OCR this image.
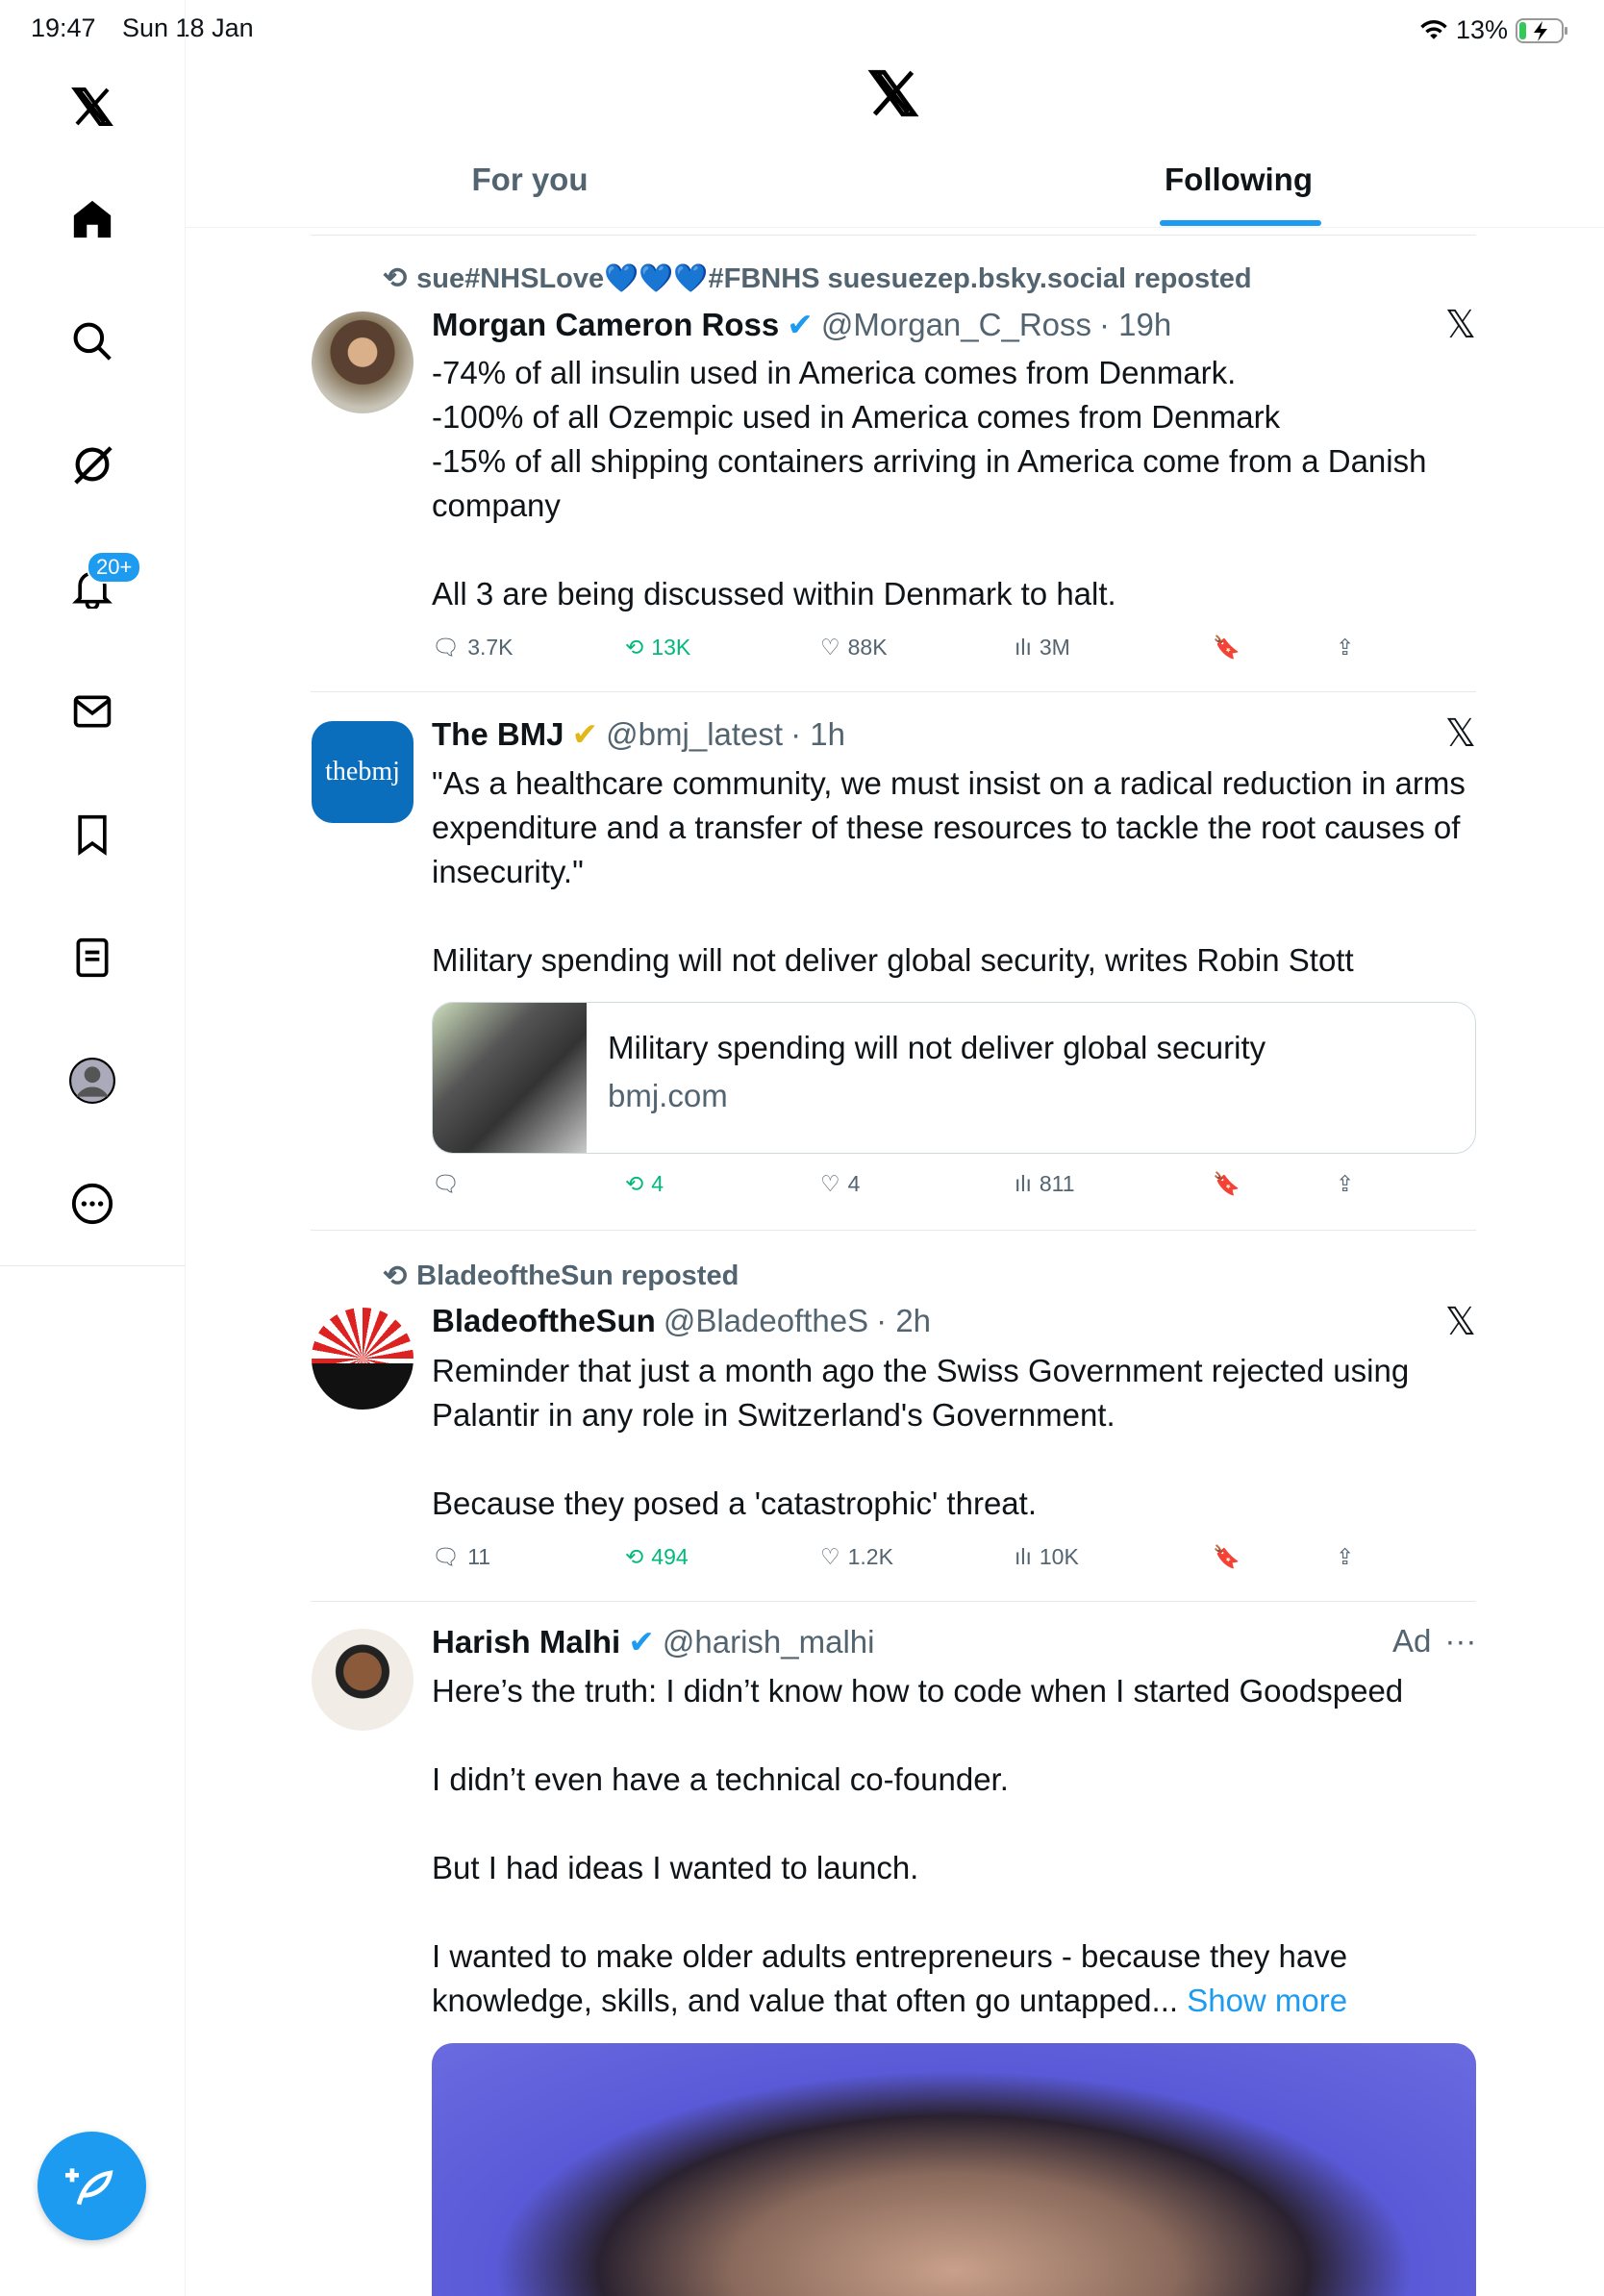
19:47 Sun 18 Jan	13%
20+
For you	Following
⟲ sue#NHSLove💙💙💙#FBNHS suesuezep.bsky.social reposted
Morgan Cameron Ross ✔ @Morgan_C_Ross · 19h	𝕏
-74% of all insulin used in America comes from Denmark.
-100% of all Ozempic used in America comes from Denmark
-15% of all shipping containers arriving in America come from a Danish company

All 3 are being discussed within Denmark to halt.
🗨 3.7K	⟲ 13K	♡ 88K	ılı 3M	🔖	⇪
thebmj
The BMJ ✔ @bmj_latest · 1h	𝕏
"As a healthcare community, we must insist on a radical reduction in arms expenditure and a transfer of these resources to tackle the root causes of insecurity."

Military spending will not deliver global security, writes Robin Stott
Military spending will not deliver global security
bmj.com
🗨	⟲ 4	♡ 4	ılı 811	🔖	⇪
⟲ BladeoftheSun reposted
BladeoftheSun @BladeoftheS · 2h	𝕏
Reminder that just a month ago the Swiss Government rejected using Palantir in any role in Switzerland's Government.

Because they posed a 'catastrophic' threat.
🗨 11	⟲ 494	♡ 1.2K	ılı 10K	🔖	⇪
Harish Malhi ✔ @harish_malhi	Ad ···
Here’s the truth: I didn’t know how to code when I started Goodspeed

I didn’t even have a technical co-founder.

But I had ideas I wanted to launch.

I wanted to make older adults entrepreneurs - because they have knowledge, skills, and value that often go untapped... Show more
